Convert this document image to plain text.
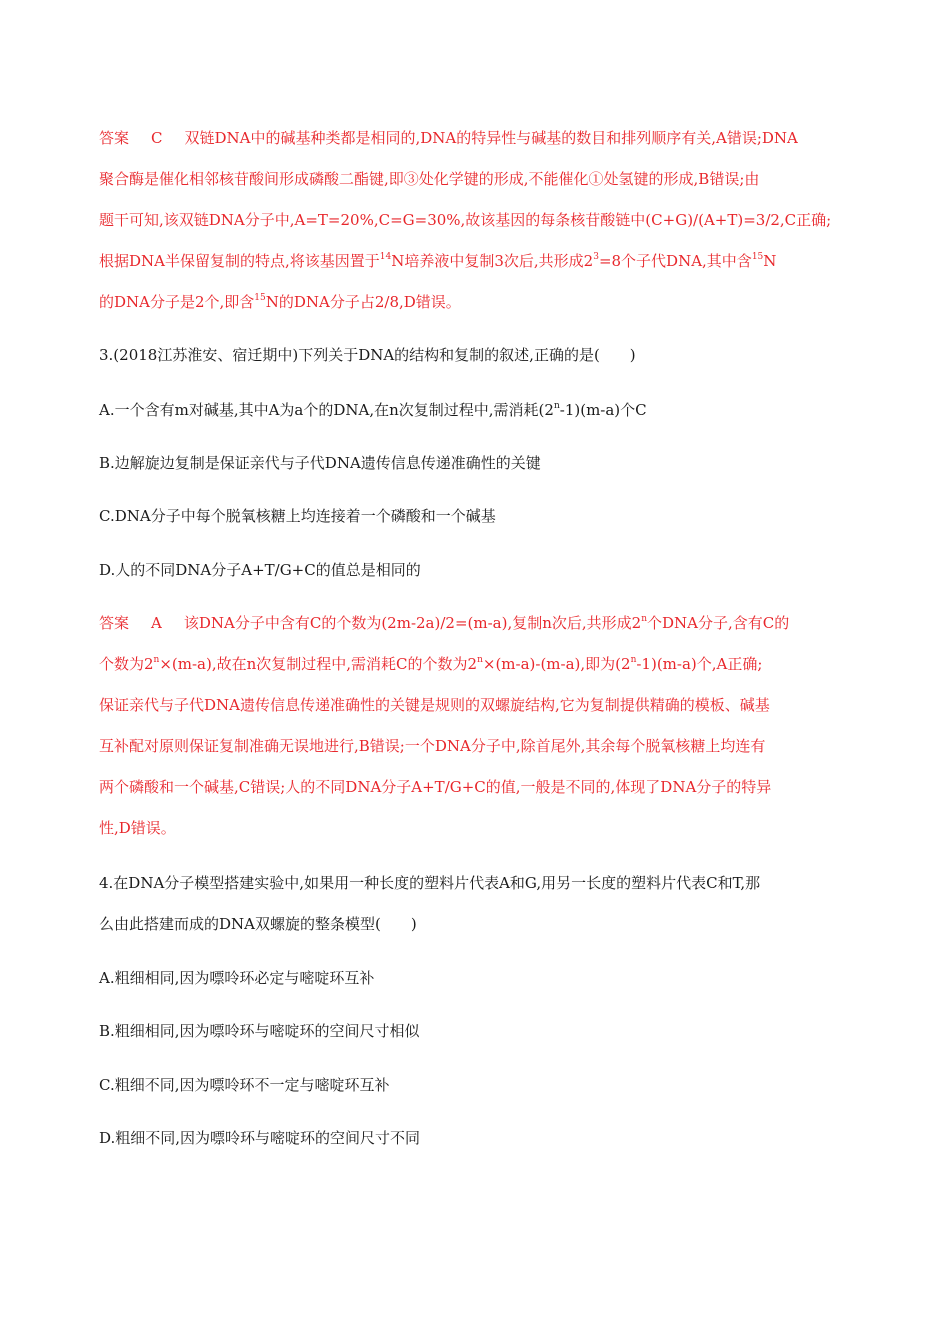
答案 C 双链DNA中的碱基种类都是相同的,DNA的特异性与碱基的数目和排列顺序有关,A错误;DNA
聚合酶是催化相邻核苷酸间形成磷酸二酯键,即③处化学键的形成,不能催化①处氢键的形成,B错误;由
题干可知,该双链DNA分子中,A=T=20%,C=G=30%,故该基因的每条核苷酸链中(C+G)/(A+T)=3/2,C正确;
根据DNA半保留复制的特点,将该基因置于$^{14}$N培养液中复制3次后,共形成$2^3=8$个子代DNA,其中含$^{15}$N
的DNA分子是2个,即含$^{15}$N的DNA分子占2/8,D错误。
3.(2018江苏淮安、宿迁期中)下列关于DNA的结构和复制的叙述,正确的是(　　)
A.一个含有m对碱基,其中A为a个的DNA,在n次复制过程中,需消耗(2$^n$-1)(m-a)个C
B.边解旋边复制是保证亲代与子代DNA遗传信息传递准确性的关键
C.DNA分子中每个脱氧核糖上均连接着一个磷酸和一个碱基
D.人的不同DNA分子A+T/G+C的值总是相同的
答案 A 该DNA分子中含有C的个数为(2m-2a)/2=(m-a),复制n次后,共形成2$^n$个DNA分子,含有C的
个数为$2^n\times(m-a)$,故在n次复制过程中,需消耗C的个数为$2^n\times(m-a)-(m-a)$,即为(2$^n$-1)(m-a)个,A正确;
保证亲代与子代DNA遗传信息传递准确性的关键是规则的双螺旋结构,它为复制提供精确的模板、碱基
互补配对原则保证复制准确无误地进行,B错误;一个DNA分子中,除首尾外,其余每个脱氧核糖上均连有
两个磷酸和一个碱基,C错误;人的不同DNA分子A+T/G+C的值,一般是不同的,体现了DNA分子的特异
性,D错误。
4.在DNA分子模型搭建实验中,如果用一种长度的塑料片代表A和G,用另一长度的塑料片代表C和T,那
么由此搭建而成的DNA双螺旋的整条模型(　　)
A.粗细相同,因为嘌呤环必定与嘧啶环互补
B.粗细相同,因为嘌呤环与嘧啶环的空间尺寸相似
C.粗细不同,因为嘌呤环不一定与嘧啶环互补
D.粗细不同,因为嘌呤环与嘧啶环的空间尺寸不同
